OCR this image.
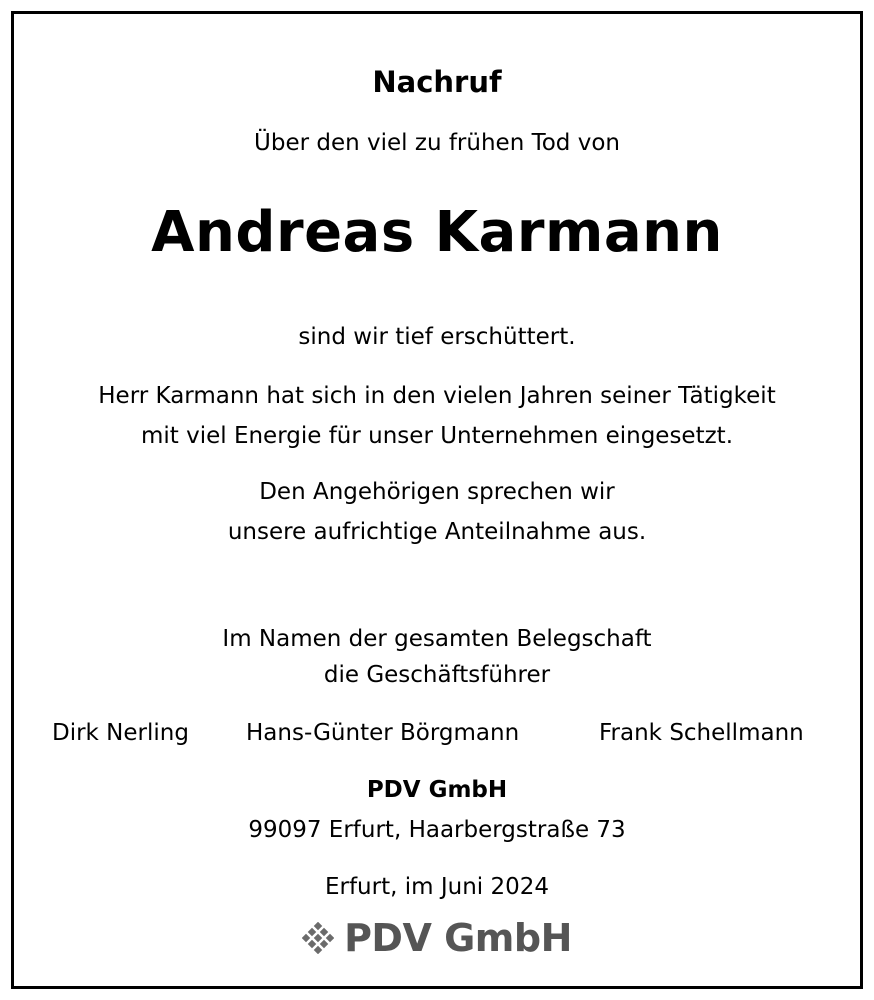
Nachruf
Über den viel zu frühen Tod von
Andreas Karmann
sind wir tief erschüttert.
Herr Karmann hat sich in den vielen Jahren seiner Tätigkeit
mit viel Energie für unser Unternehmen eingesetzt.
Den Angehörigen sprechen wir
unsere aufrichtige Anteilnahme aus.
Im Namen der gesamten Belegschaft
die Geschäftsführer
Dirk Nerling Hans-Günter Börgmann	Frank Schellmann
PDV GmbH
99097 Erfurt, Haarbergstraße 73
Erfurt, im Juni 2024
PDV GmbH
